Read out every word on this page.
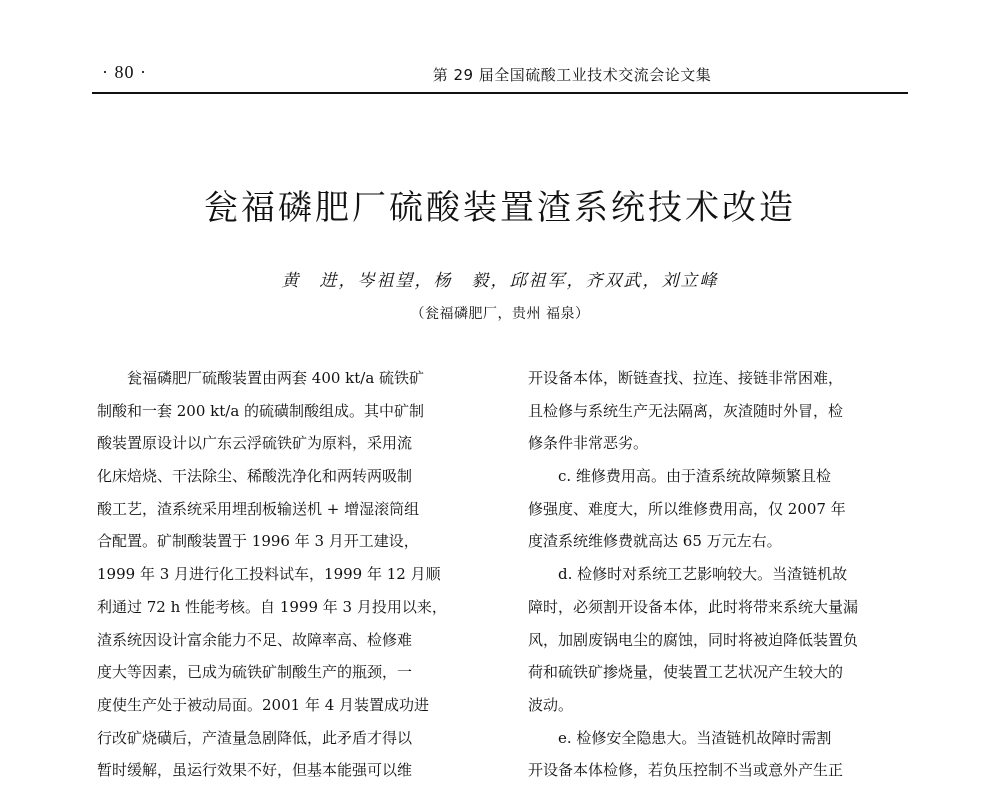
· 80 ·	第 29 届全国硫酸工业技术交流会论文集
瓮福磷肥厂硫酸装置渣系统技术改造
黄　进，岑祖望，杨　毅，邱祖军，齐双武，刘立峰
（瓮福磷肥厂，贵州 福泉）
瓮福磷肥厂硫酸装置由两套 400 kt/a 硫铁矿
制酸和一套 200 kt/a 的硫磺制酸组成。其中矿制
酸装置原设计以广东云浮硫铁矿为原料，采用流
化床焙烧、干法除尘、稀酸洗净化和两转两吸制
酸工艺，渣系统采用埋刮板输送机 + 增湿滚筒组
合配置。矿制酸装置于 1996 年 3 月开工建设，
1999 年 3 月进行化工投料试车，1999 年 12 月顺
利通过 72 h 性能考核。自 1999 年 3 月投用以来，
渣系统因设计富余能力不足、故障率高、检修难
度大等因素，已成为硫铁矿制酸生产的瓶颈，一
度使生产处于被动局面。2001 年 4 月装置成功进
行改矿烧磺后，产渣量急剧降低，此矛盾才得以
暂时缓解，虽运行效果不好，但基本能强可以维
开设备本体，断链查找、拉连、接链非常困难，
且检修与系统生产无法隔离，灰渣随时外冒，检
修条件非常恶劣。
c. 维修费用高。由于渣系统故障频繁且检
修强度、难度大，所以维修费用高，仅 2007 年
度渣系统维修费就高达 65 万元左右。
d. 检修时对系统工艺影响较大。当渣链机故
障时，必须割开设备本体，此时将带来系统大量漏
风，加剧废锅电尘的腐蚀，同时将被迫降低装置负
荷和硫铁矿掺烧量，使装置工艺状况产生较大的
波动。
e. 检修安全隐患大。当渣链机故障时需割
开设备本体检修，若负压控制不当或意外产生正
